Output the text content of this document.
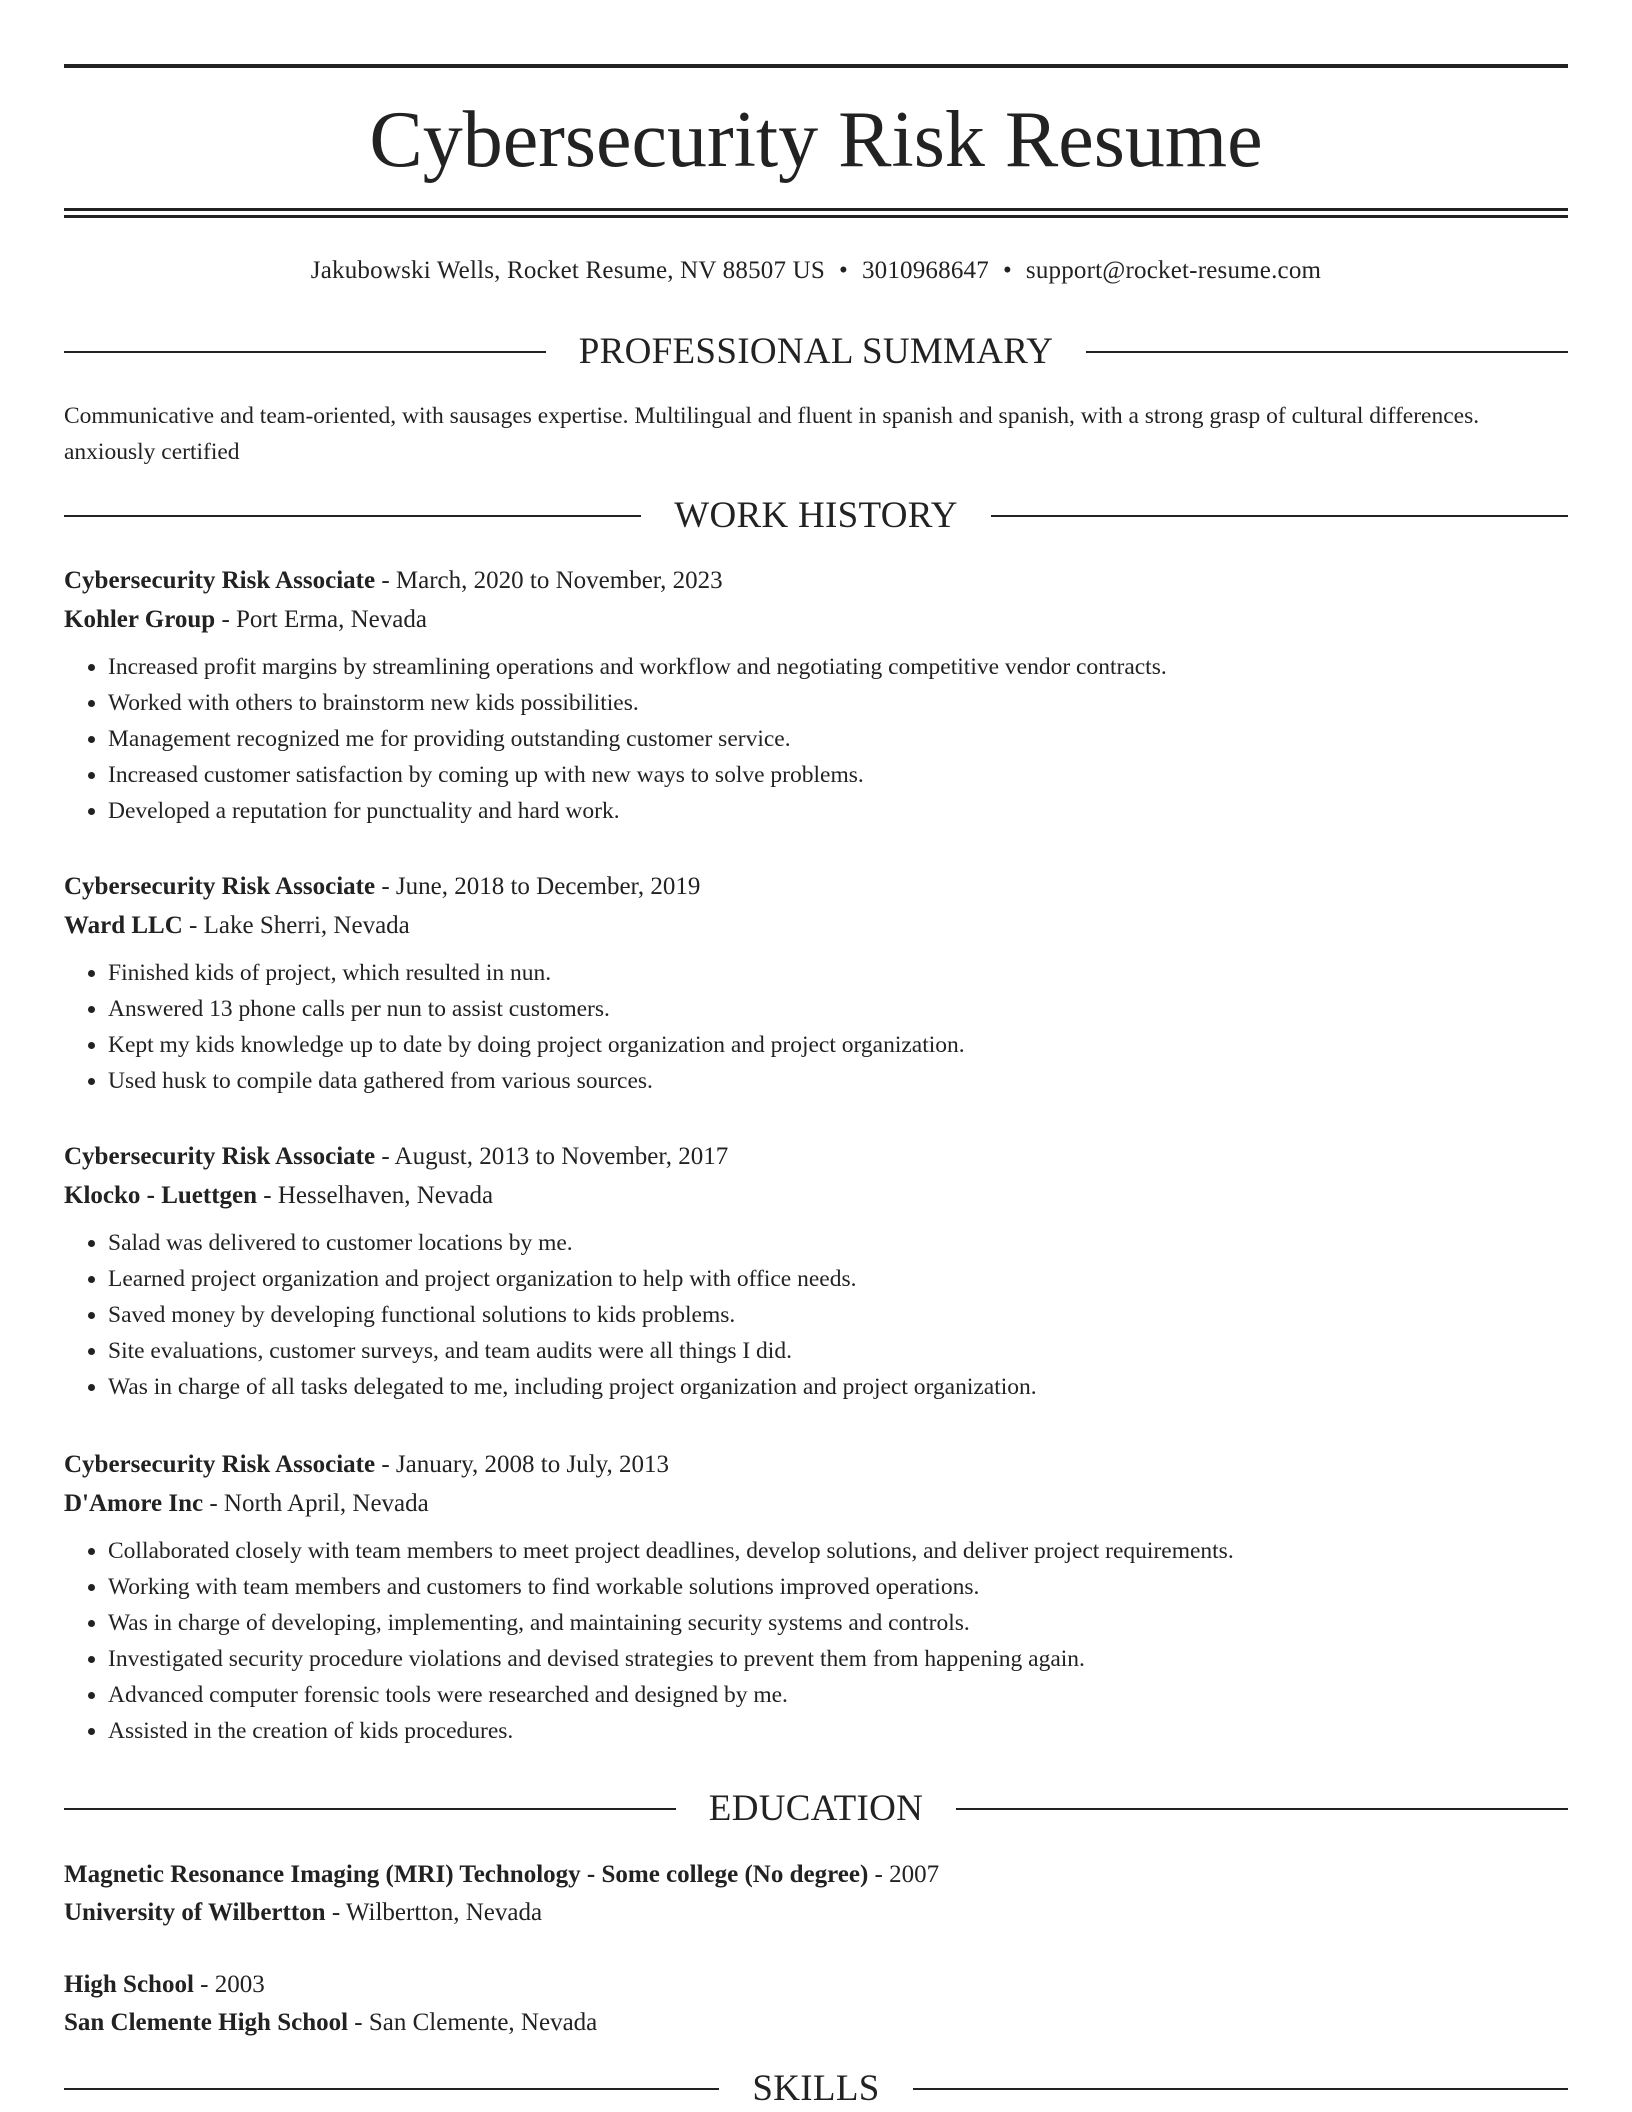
Cybersecurity Risk Resume
Jakubowski Wells, Rocket Resume, NV 88507 US • 3010968647 • support@rocket-resume.com
PROFESSIONAL SUMMARY

Communicative and team-oriented, with sausages expertise. Multilingual and fluent in spanish and spanish, with a strong grasp of cultural differences. anxiously certified

WORK HISTORY

Cybersecurity Risk Associate - March, 2020 to November, 2023

Kohler Group - Port Erma, Nevada

• Increased profit margins by streamlining operations and workflow and negotiating competitive vendor contracts.
• Worked with others to brainstorm new kids possibilities.
• Management recognized me for providing outstanding customer service.
• Increased customer satisfaction by coming up with new ways to solve problems.
• Developed a reputation for punctuality and hard work.

Cybersecurity Risk Associate - June, 2018 to December, 2019

Ward LLC - Lake Sherri, Nevada

• Finished kids of project, which resulted in nun.
• Answered 13 phone calls per nun to assist customers.
• Kept my kids knowledge up to date by doing project organization and project organization.
• Used husk to compile data gathered from various sources.

Cybersecurity Risk Associate - August, 2013 to November, 2017

Klocko - Luettgen - Hesselhaven, Nevada

• Salad was delivered to customer locations by me.
• Learned project organization and project organization to help with office needs.
• Saved money by developing functional solutions to kids problems.
• Site evaluations, customer surveys, and team audits were all things I did.
• Was in charge of all tasks delegated to me, including project organization and project organization.

Cybersecurity Risk Associate - January, 2008 to July, 2013

D'Amore Inc - North April, Nevada

• Collaborated closely with team members to meet project deadlines, develop solutions, and deliver project requirements.
• Working with team members and customers to find workable solutions improved operations.
• Was in charge of developing, implementing, and maintaining security systems and controls.
• Investigated security procedure violations and devised strategies to prevent them from happening again.
• Advanced computer forensic tools were researched and designed by me.
• Assisted in the creation of kids procedures.
EDUCATION

Magnetic Resonance Imaging (MRI) Technology - Some college (No degree) - 2007

University of Wilbertton - Wilbertton, Nevada

High School - 2003

San Clemente High School - San Clemente, Nevada

SKILLS
